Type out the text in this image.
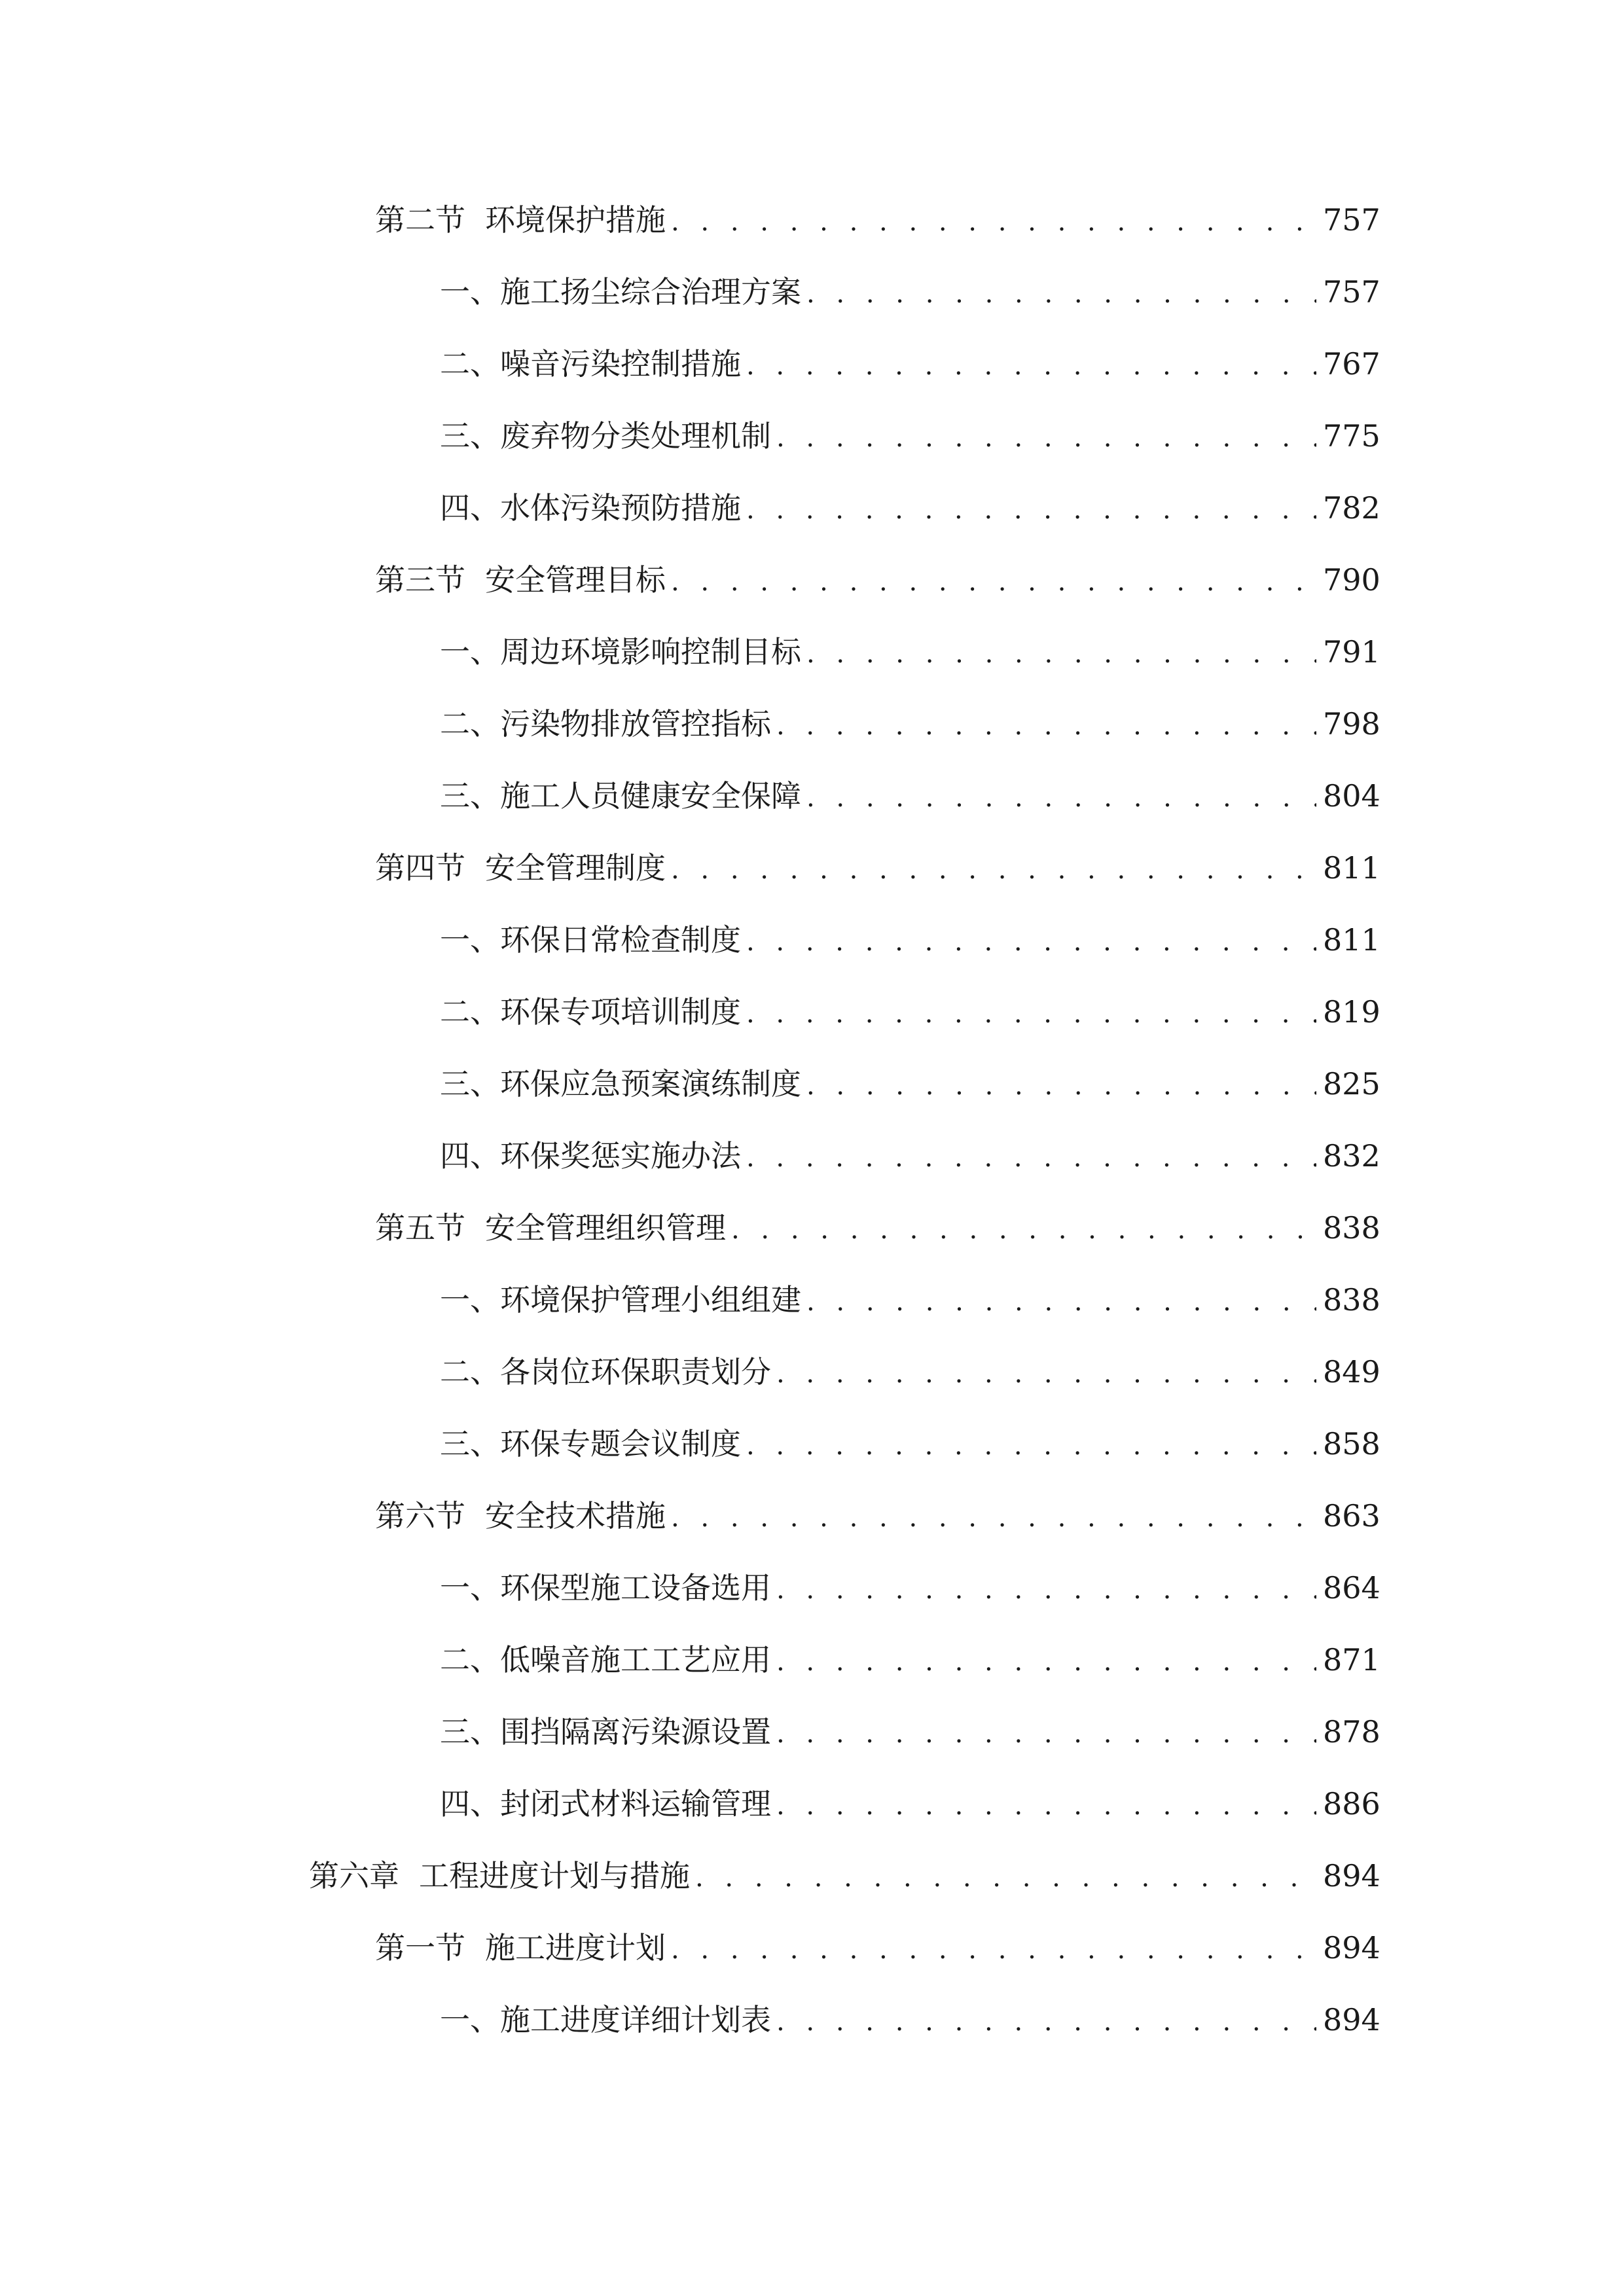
第二节 环境保护措施 . . .	757
一、 施工扬尘综合治理方案 . . .	757
二、 噪音污染控制措施 . . .	767
三、 废弃物分类处理机制 . . .	775
四、 水体污染预防措施 . . .	782
第三节 安全管理目标 . . .	790
一、 周边环境影响控制目标 . . .	791
二、 污染物排放管控指标 . . .	798
三、 施工人员健康安全保障 . . .	804
第四节 安全管理制度 . . .	811
一、 环保日常检查制度 . . .	811
二、 环保专项培训制度 . . .	819
三、 环保应急预案演练制度 . . .	825
四、 环保奖惩实施办法 . . .	832
第五节 安全管理组织管理 . . .	838
一、 环境保护管理小组组建 . . .	838
二、 各岗位环保职责划分 . . .	849
三、 环保专题会议制度 . . .	858
第六节 安全技术措施 . . .	863
一、 环保型施工设备选用 . . .	864
二、 低噪音施工工艺应用 . . .	871
三、 围挡隔离污染源设置 . . .	878
四、 封闭式材料运输管理 . . .	886
第六章 工程进度计划与措施 . . .	894
第一节 施工进度计划 . . .	894
一、 施工进度详细计划表 . . .	894
